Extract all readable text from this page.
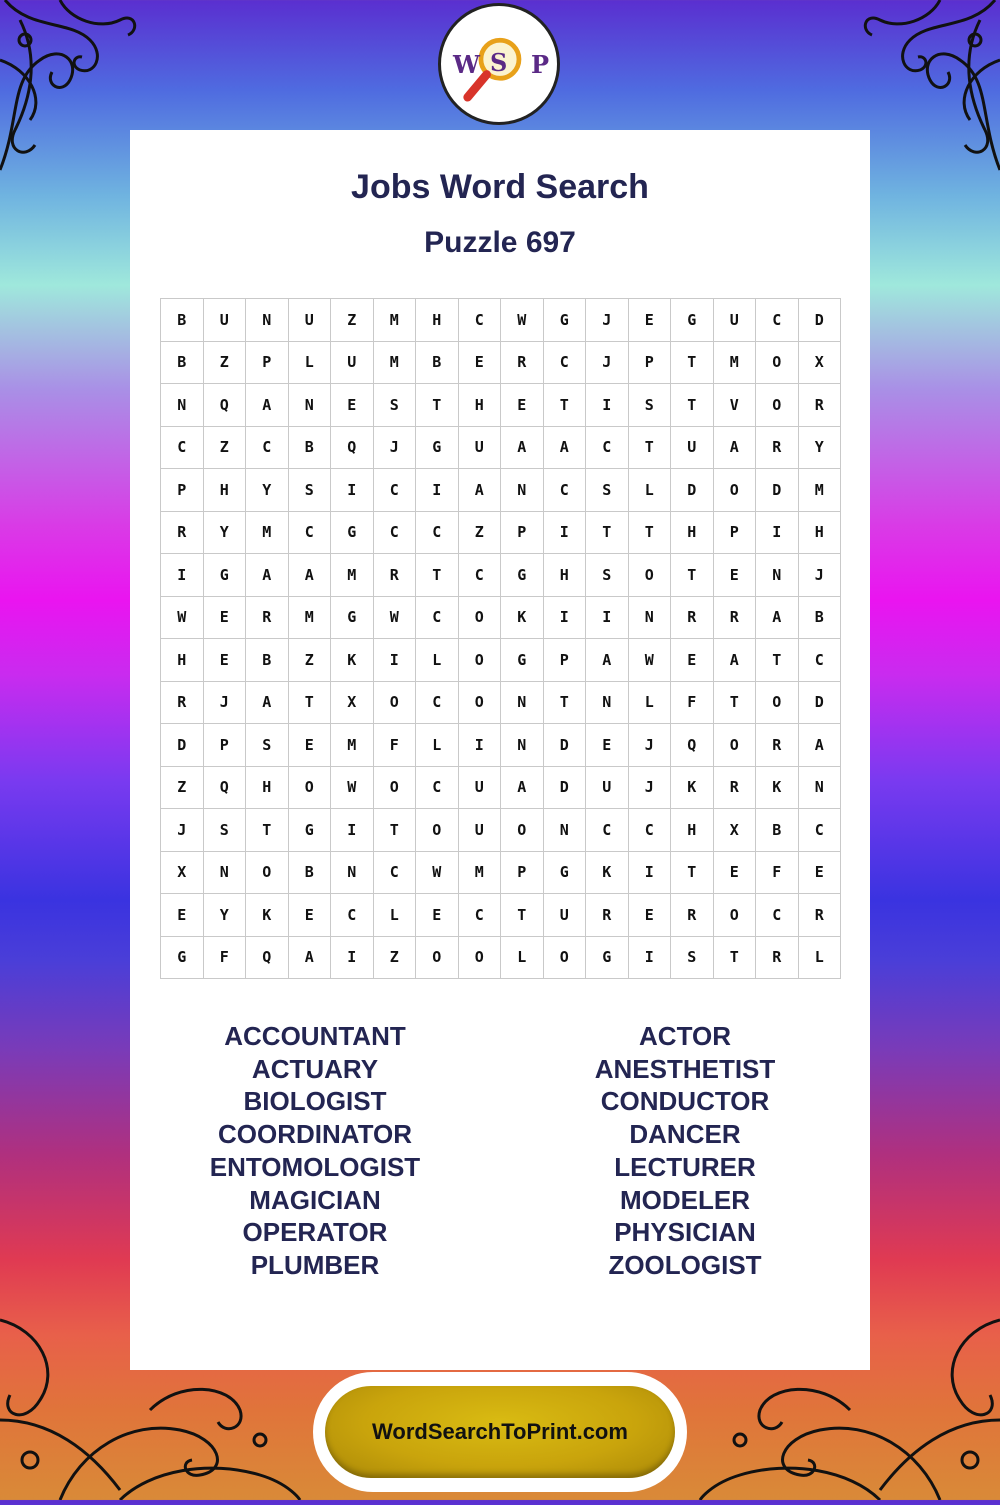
W S P
Jobs Word Search
Puzzle 697
B	U	N	U	Z	M	H	C	W	G	J	E	G	U	C	D
B	Z	P	L	U	M	B	E	R	C	J	P	T	M	O	X
N	Q	A	N	E	S	T	H	E	T	I	S	T	V	O	R
C	Z	C	B	Q	J	G	U	A	A	C	T	U	A	R	Y
P	H	Y	S	I	C	I	A	N	C	S	L	D	O	D	M
R	Y	M	C	G	C	C	Z	P	I	T	T	H	P	I	H
I	G	A	A	M	R	T	C	G	H	S	O	T	E	N	J
W	E	R	M	G	W	C	O	K	I	I	N	R	R	A	B
H	E	B	Z	K	I	L	O	G	P	A	W	E	A	T	C
R	J	A	T	X	O	C	O	N	T	N	L	F	T	O	D
D	P	S	E	M	F	L	I	N	D	E	J	Q	O	R	A
Z	Q	H	O	W	O	C	U	A	D	U	J	K	R	K	N
J	S	T	G	I	T	O	U	O	N	C	C	H	X	B	C
X	N	O	B	N	C	W	M	P	G	K	I	T	E	F	E
E	Y	K	E	C	L	E	C	T	U	R	E	R	O	C	R
G	F	Q	A	I	Z	O	O	L	O	G	I	S	T	R	L
ACCOUNTANT
ACTUARY
BIOLOGIST
COORDINATOR
ENTOMOLOGIST
MAGICIAN
OPERATOR
PLUMBER
ACTOR
ANESTHETIST
CONDUCTOR
DANCER
LECTURER
MODELER
PHYSICIAN
ZOOLOGIST
WordSearchToPrint.com
